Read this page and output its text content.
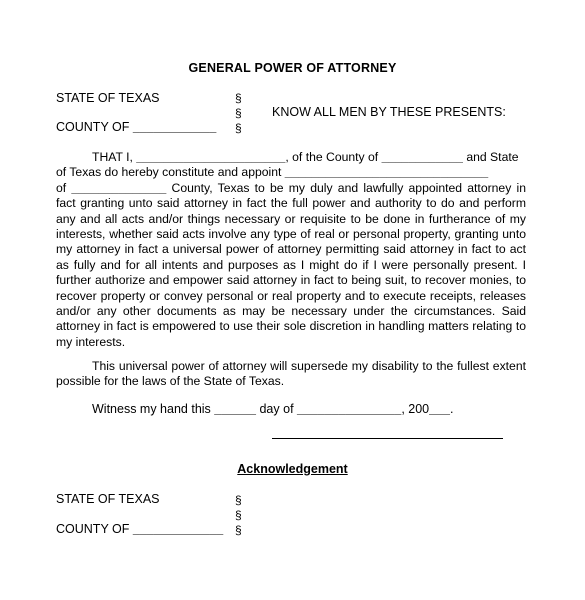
GENERAL POWER OF ATTORNEY
STATE OF TEXAS	§
§
§
KNOW ALL MEN BY THESE PRESENTS:
COUNTY OF ____________

THAT I, ______________________, of the County of ____________ and State

of Texas do hereby constitute and appoint ______________________________

of ______________ County, Texas to be my duly and lawfully appointed attorney in fact granting unto said attorney in fact the full power and authority to do and perform any and all acts and/or things necessary or requisite to be done in furtherance of my interests, whether said acts involve any type of real or personal property, granting unto my attorney in fact a universal power of attorney permitting said attorney in fact to act as fully and for all intents and purposes as I might do if I were personally present. I further authorize and empower said attorney in fact to being suit, to recover monies, to recover property or convey personal or real property and to execute receipts, releases and/or any other documents as may be necessary under the circumstances. Said attorney in fact is empowered to use their sole discretion in handling matters relating to my interests.

This universal power of attorney will supersede my disability to the fullest extent possible for the laws of the State of Texas.

Witness my hand this ______ day of _______________, 200___.
Acknowledgement
STATE OF TEXAS	§
§
§
COUNTY OF _____________
